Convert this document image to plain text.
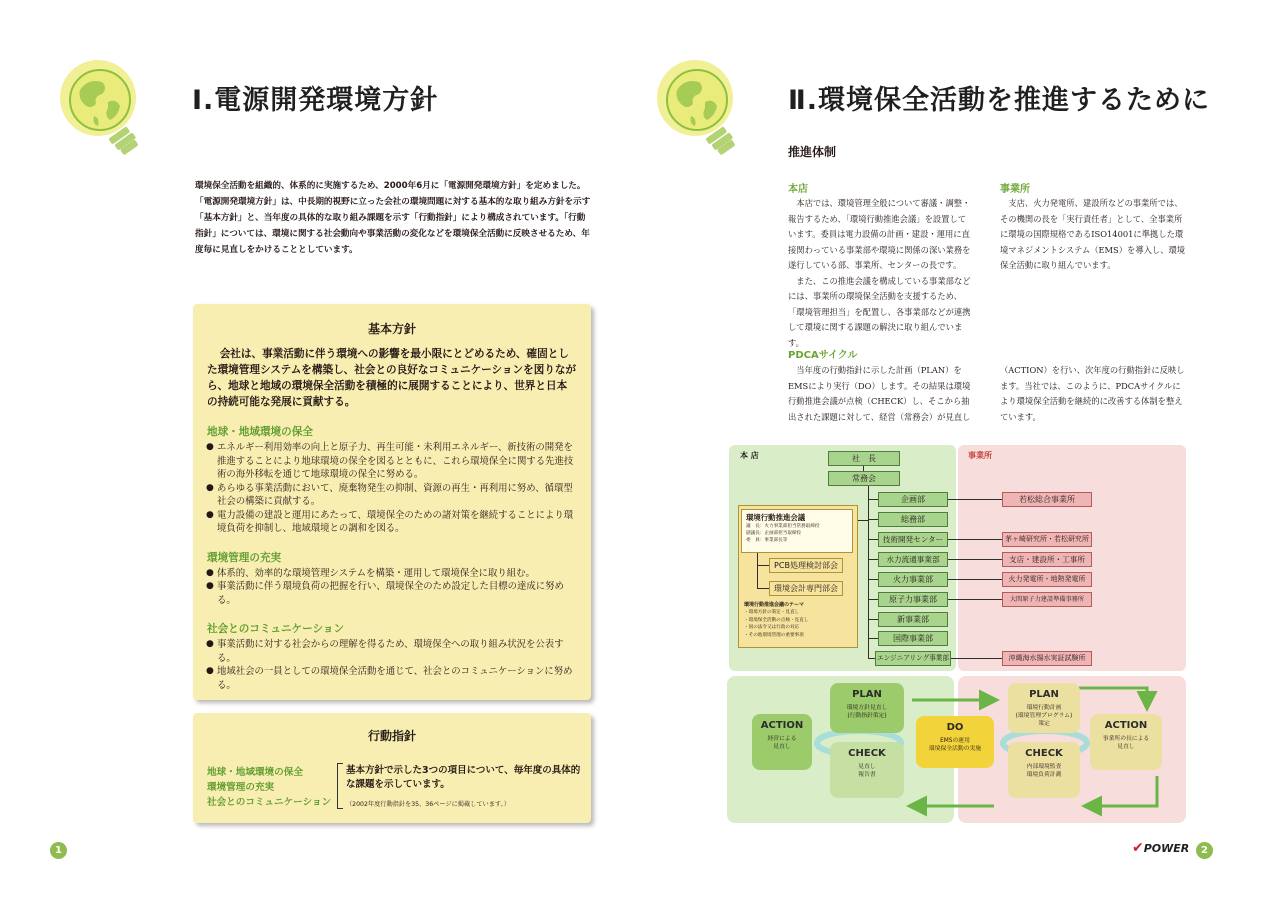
Ⅰ.電源開発環境方針

環境保全活動を組織的、体系的に実施するため、2000年6月に「電源開発環境方針」を定めました。「電源開発環境方針」は、中長期的視野に立った会社の環境問題に対する基本的な取り組み方針を示す「基本方針」と、当年度の具体的な取り組み課題を示す「行動指針」により構成されています。「行動指針」については、環境に関する社会動向や事業活動の変化などを環境保全活動に反映させるため、年度毎に見直しをかけることとしています。

基本方針

会社は、事業活動に伴う環境への影響を最小限にとどめるため、確固とした環境管理システムを構築し、社会との良好なコミュニケーションを図りながら、地球と地域の環境保全活動を積極的に展開することにより、世界と日本の持続可能な発展に貢献する。

地球・地域環境の保全
● エネルギー利用効率の向上と原子力、再生可能・未利用エネルギー、新技術の開発を推進することにより地球環境の保全を図るとともに、これら環境保全に関する先進技術の海外移転を通じて地球環境の保全に努める。
● あらゆる事業活動において、廃棄物発生の抑制、資源の再生・再利用に努め、循環型社会の構築に貢献する。
● 電力設備の建設と運用にあたって、環境保全のための諸対策を継続することにより環境負荷を抑制し、地域環境との調和を図る。
環境管理の充実
● 体系的、効率的な環境管理システムを構築・運用して環境保全に取り組む。
● 事業活動に伴う環境負荷の把握を行い、環境保全のため設定した目標の達成に努める。
社会とのコミュニケーション
● 事業活動に対する社会からの理解を得るため、環境保全への取り組み状況を公表する。
● 地域社会の一員としての環境保全活動を通じて、社会とのコミュニケーションに努める。
行動指針
地球・地域環境の保全
環境管理の充実
社会とのコミュニケーション
基本方針で示した3つの項目について、毎年度の具体的な課題を示しています。
（2002年度行動指針を35、36ページに掲載しています。）
1
Ⅱ.環境保全活動を推進するために
推進体制
本店

本店では、環境管理全般について審議・調整・報告するため、「環境行動推進会議」を設置しています。委員は電力設備の計画・建設・運用に直接関わっている事業部や環境に関係の深い業務を遂行している部、事業所、センターの長です。

また、この推進会議を構成している事業部などには、事業所の環境保全活動を支援するため、「環境管理担当」を配置し、各事業部などが連携して環境に関する課題の解決に取り組んでいます。

事業所

支店、火力発電所、建設所などの事業所では、その機関の長を「実行責任者」として、全事業所に環境の国際規格であるISO14001に準拠した環境マネジメントシステム（EMS）を導入し、環境保全活動に取り組んでいます。

PDCAサイクル

当年度の行動指針に示した計画（PLAN）をEMSにより実行（DO）します。その結果は環境行動推進会議が点検（CHECK）し、そこから抽出された課題に対して、経営（常務会）が見直し

（ACTION）を行い、次年度の行動指針に反映します。当社では、このように、PDCAサイクルにより環境保全活動を継続的に改善する体制を整えています。

本 店	事業所
社　長
常務会
環境行動推進会議
議　長：火力事業部担当常務取締役
副議長：企画部担当取締役
委　員：事業部長等
PCB処理検討部会
環境会計専門部会
環境行動推進会議のテーマ
・環境方針の策定・見直し
・環境保全活動の点検・見直し
・国の法令又は行政の対応
・その他環境管理の重要事項
企画部
総務部
技術開発センター
水力流通事業部
火力事業部
原子力事業部
新事業部
国際事業部
エンジニアリング事業部
若松総合事業所
茅ヶ崎研究所・若松研究所
支店・建設所・工事所
火力発電所・地熱発電所
大間原子力建設準備事務所
沖縄海水揚水実証試験所
PLAN
環境方針見直し
(行動指針策定)
ACTION
経営による
見直し
CHECK
見直し
報告書
DO
EMSの運用
環境保全活動の実施
PLAN
環境行動計画
(環境管理プログラム)
策定
CHECK
内部環境監査
環境負荷計測
ACTION
事業所の長による
見直し
✔POWER	2
